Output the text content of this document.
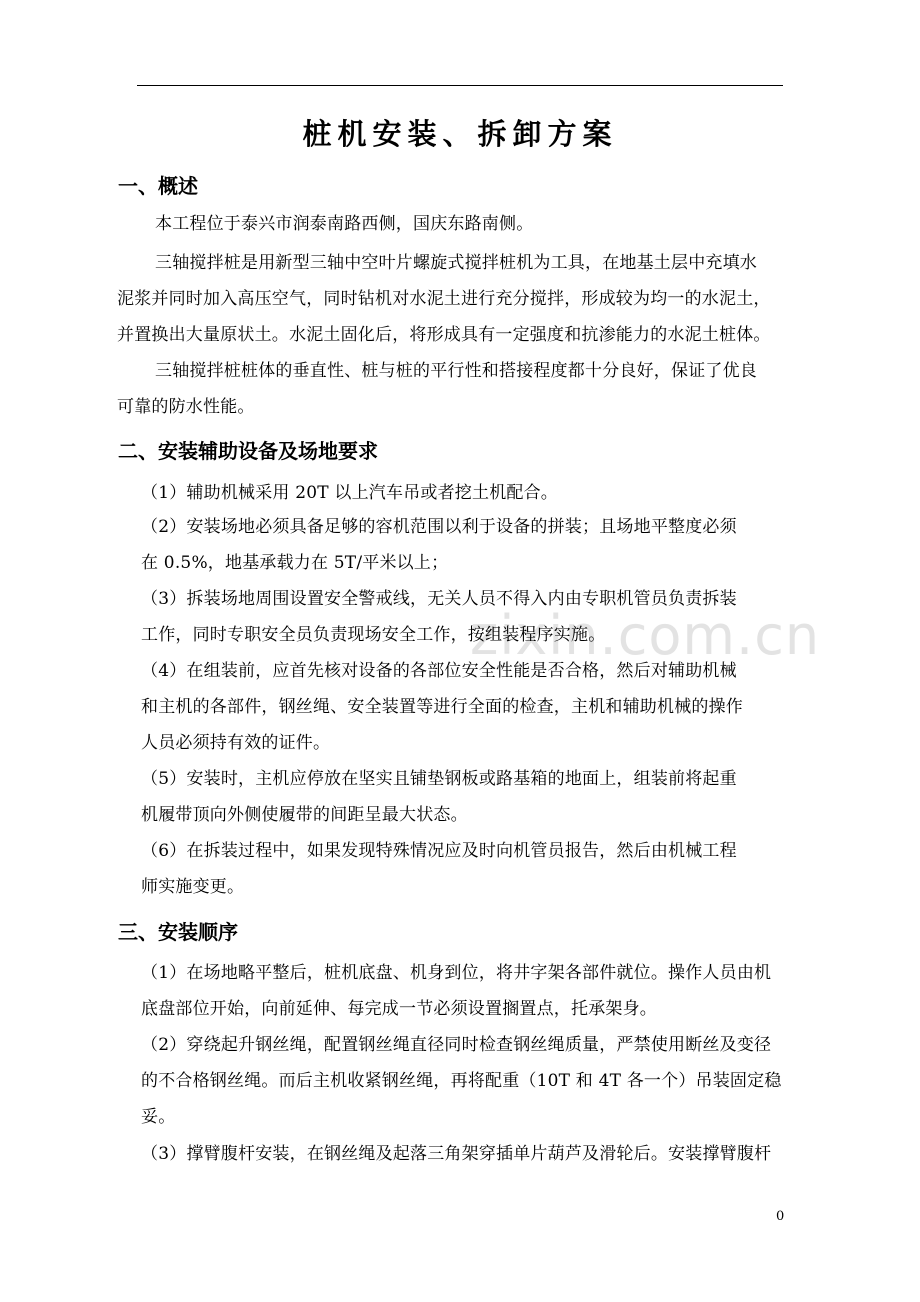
zixin.com.cn
桩机安装、拆卸方案
一、概述
本工程位于泰兴市润泰南路西侧，国庆东路南侧。
三轴搅拌桩是用新型三轴中空叶片螺旋式搅拌桩机为工具，在地基土层中充填水
泥浆并同时加入高压空气，同时钻机对水泥土进行充分搅拌，形成较为均一的水泥土，
并置换出大量原状土。水泥土固化后，将形成具有一定强度和抗渗能力的水泥土桩体。
三轴搅拌桩桩体的垂直性、桩与桩的平行性和搭接程度都十分良好，保证了优良
可靠的防水性能。
二、安装辅助设备及场地要求
（1）辅助机械采用 20T 以上汽车吊或者挖土机配合。
（2）安装场地必须具备足够的容机范围以利于设备的拼装；且场地平整度必须
在 0.5%，地基承载力在 5T/平米以上；
（3）拆装场地周围设置安全警戒线，无关人员不得入内由专职机管员负责拆装
工作，同时专职安全员负责现场安全工作，按组装程序实施。
（4）在组装前，应首先核对设备的各部位安全性能是否合格，然后对辅助机械
和主机的各部件，钢丝绳、安全装置等进行全面的检查，主机和辅助机械的操作
人员必须持有效的证件。
（5）安装时，主机应停放在坚实且铺垫钢板或路基箱的地面上，组装前将起重
机履带顶向外侧使履带的间距呈最大状态。
（6）在拆装过程中，如果发现特殊情况应及时向机管员报告，然后由机械工程
师实施变更。
三、安装顺序
（1）在场地略平整后，桩机底盘、机身到位，将井字架各部件就位。操作人员由机
底盘部位开始，向前延伸、每完成一节必须设置搁置点，托承架身。
（2）穿绕起升钢丝绳，配置钢丝绳直径同时检查钢丝绳质量，严禁使用断丝及变径
的不合格钢丝绳。而后主机收紧钢丝绳，再将配重（10T 和 4T 各一个）吊装固定稳
妥。
（3）撑臂腹杆安装，在钢丝绳及起落三角架穿插单片葫芦及滑轮后。安装撑臂腹杆
0
